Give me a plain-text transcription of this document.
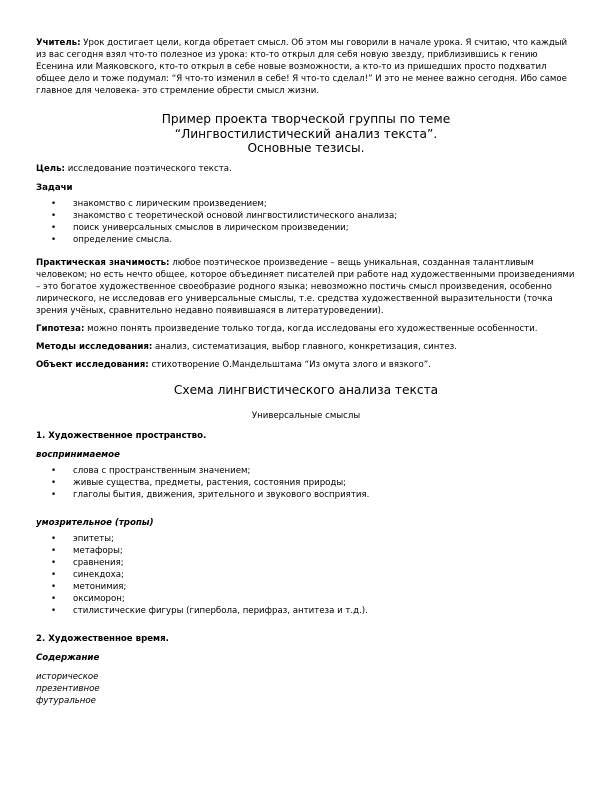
Учитель: Урок достигает цели, когда обретает смысл. Об этом мы говорили в начале урока. Я считаю, что каждый из вас сегодня взял что-то полезное из урока: кто-то открыл для себя новую звезду, приблизившись к гению Есенина или Маяковского, кто-то открыл в себе новые возможности, а кто-то из пришедших просто подхватил общее дело и тоже подумал: “Я что-то изменил в себе! Я что-то сделал!” И это не менее важно сегодня. Ибо самое главное для человека- это стремление обрести смысл жизни.

Пример проекта творческой группы по теме
“Лингвостилистический анализ текста”.
Основные тезисы.

Цель: исследование поэтического текста.

Задачи

• знакомство с лирическим произведением;
• знакомство с теоретической основой лингвостилистического анализа;
• поиск универсальных смыслов в лирическом произведении;
• определение смысла.

Практическая значимость: любое поэтическое произведение – вещь уникальная, созданная талантливым человеком; но есть нечто общее, которое объединяет писателей при работе над художественными произведениями – это богатое художественное своеобразие родного языка; невозможно постичь смысл произведения, особенно лирического, не исследовав его универсальные смыслы, т.е. средства художественной выразительности (точка зрения учёных, сравнительно недавно появившаяся в литературоведении).

Гипотеза: можно понять произведение только тогда, когда исследованы его художественные особенности.

Методы исследования: анализ, систематизация, выбор главного, конкретизация, синтез.

Объект исследования: стихотворение О.Мандельштама “Из омута злого и вязкого”.

Схема лингвистического анализа текста
Универсальные смыслы

1. Художественное пространство.

воспринимаемое

• слова с пространственным значением;
• живые существа, предметы, растения, состояния природы;
• глаголы бытия, движения, зрительного и звукового восприятия.

умозрительное (тропы)

• эпитеты;
• метафоры;
• сравнения;
• синекдоха;
• метонимия;
• оксиморон;
• стилистические фигуры (гипербола, перифраз, антитеза и т.д.).

2. Художественное время.

Содержание

историческое

презентивное

футуральное
